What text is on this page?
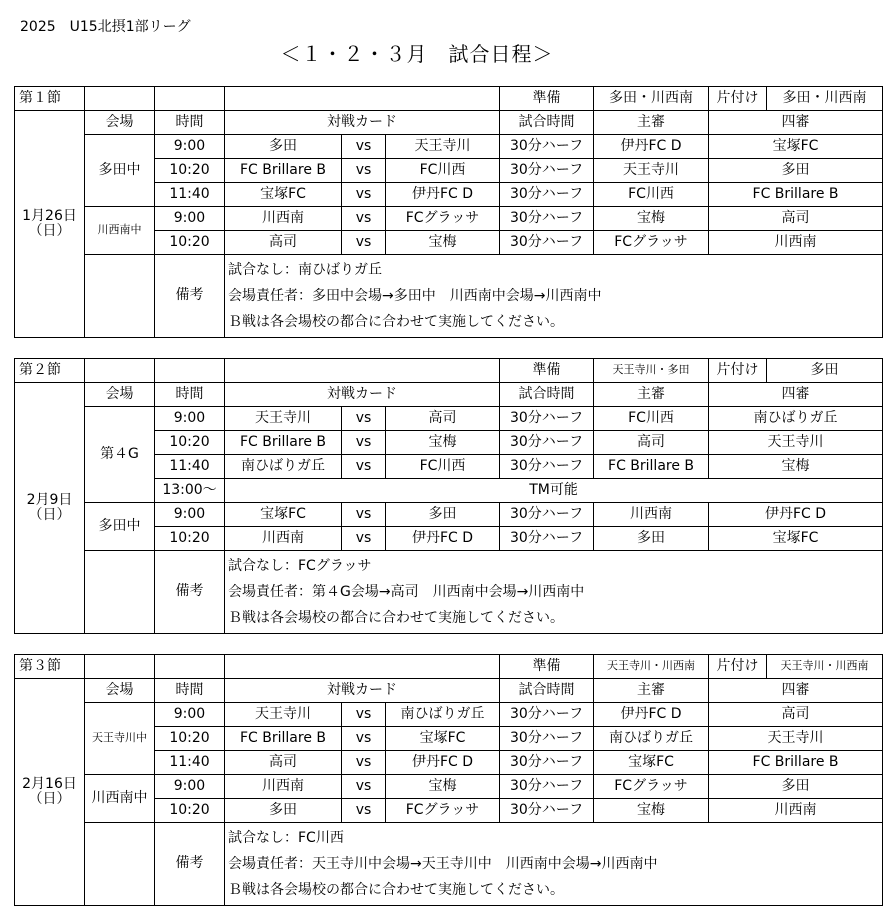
2025　U15北摂1部リーグ
＜１・２・３月　試合日程＞
第１節						準備	多田・川西南	片付け	多田・川西南
1月26日
（日）	会場	時間	対戦カード			試合時間	主審	四審	
	多田中	9:00	多田	vs	天王寺川	30分ハーフ	伊丹FC D	宝塚FC	
		10:20	FC Brillare B	vs	FC川西	30分ハーフ	天王寺川	多田	
		11:40	宝塚FC	vs	伊丹FC D	30分ハーフ	FC川西	FC Brillare B	
	川西南中	9:00	川西南	vs	FCグラッサ	30分ハーフ	宝梅	高司	
		10:20	高司	vs	宝梅	30分ハーフ	FCグラッサ	川西南	
		備考	試合なし：南ひばりガ丘
会場責任者：多田中会場→多田中　川西南中会場→川西南中
Ｂ戦は各会場校の都合に合わせて実施してください。						
第２節						準備	天王寺川・多田	片付け	多田
2月9日
（日）	会場	時間	対戦カード			試合時間	主審	四審	
	第４G	9:00	天王寺川	vs	高司	30分ハーフ	FC川西	南ひばりガ丘	
		10:20	FC Brillare B	vs	宝梅	30分ハーフ	高司	天王寺川	
		11:40	南ひばりガ丘	vs	FC川西	30分ハーフ	FC Brillare B	宝梅	
		13:00～	TM可能						
	多田中	9:00	宝塚FC	vs	多田	30分ハーフ	川西南	伊丹FC D	
		10:20	川西南	vs	伊丹FC D	30分ハーフ	多田	宝塚FC	
		備考	試合なし：FCグラッサ
会場責任者：第４G会場→高司　川西南中会場→川西南中
Ｂ戦は各会場校の都合に合わせて実施してください。						
第３節						準備	天王寺川・川西南	片付け	天王寺川・川西南
2月16日
（日）	会場	時間	対戦カード			試合時間	主審	四審	
	天王寺川中	9:00	天王寺川	vs	南ひばりガ丘	30分ハーフ	伊丹FC D	高司	
		10:20	FC Brillare B	vs	宝塚FC	30分ハーフ	南ひばりガ丘	天王寺川	
		11:40	高司	vs	伊丹FC D	30分ハーフ	宝塚FC	FC Brillare B	
	川西南中	9:00	川西南	vs	宝梅	30分ハーフ	FCグラッサ	多田	
		10:20	多田	vs	FCグラッサ	30分ハーフ	宝梅	川西南	
		備考	試合なし：FC川西
会場責任者：天王寺川中会場→天王寺川中　川西南中会場→川西南中
Ｂ戦は各会場校の都合に合わせて実施してください。						
